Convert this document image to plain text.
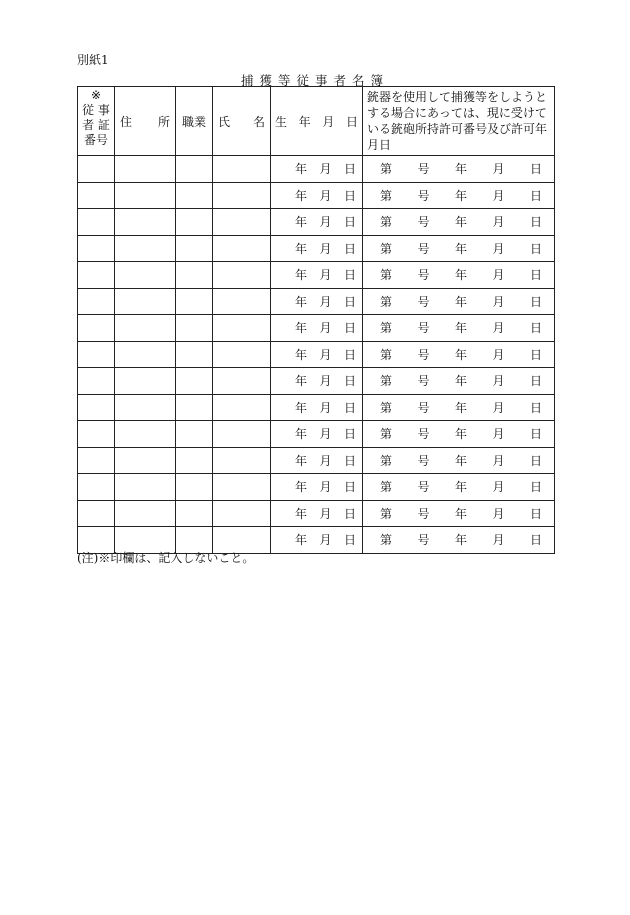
別紙1
捕獲等従事者名簿
※
従 事
者 証
番号	住 所	職業	氏 名	生 年 月 日	銃器を使用して捕獲等をしようと
する場合にあっては、現に受けて
いる銃砲所持許可番号及び許可年
月日

				年 月 日	第 号 年 月 日

				年 月 日	第 号 年 月 日

				年 月 日	第 号 年 月 日

				年 月 日	第 号 年 月 日

				年 月 日	第 号 年 月 日

				年 月 日	第 号 年 月 日

				年 月 日	第 号 年 月 日

				年 月 日	第 号 年 月 日

				年 月 日	第 号 年 月 日

				年 月 日	第 号 年 月 日

				年 月 日	第 号 年 月 日

				年 月 日	第 号 年 月 日

				年 月 日	第 号 年 月 日

				年 月 日	第 号 年 月 日

				年 月 日	第 号 年 月 日
(注)※印欄は、記入しないこと。
